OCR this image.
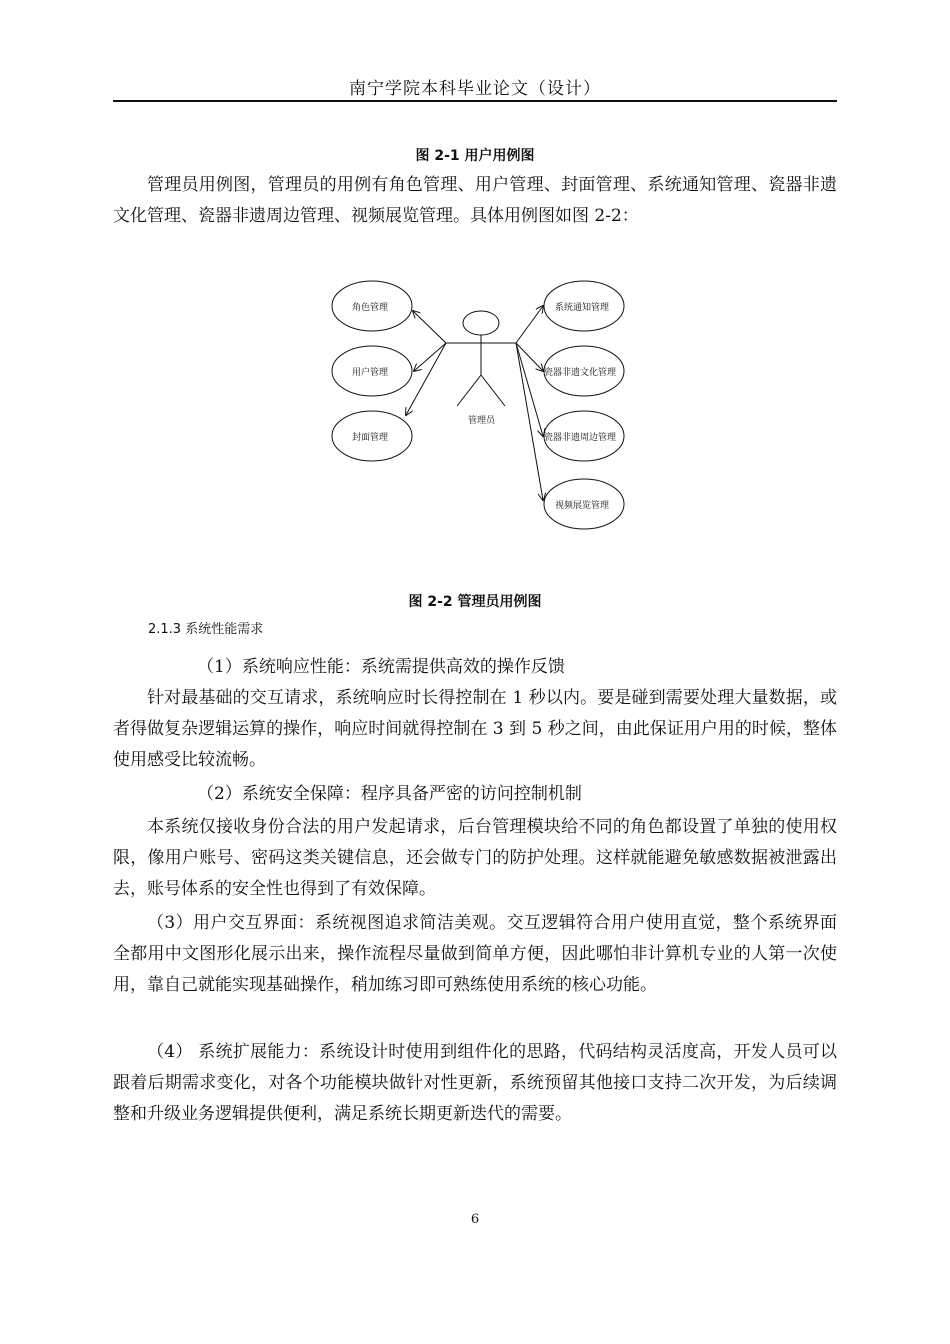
南宁学院本科毕业论文（设计）
图 2-1 用户用例图

管理员用例图，管理员的用例有角色管理、用户管理、封面管理、系统通知管理、瓷器非遗文化管理、瓷器非遗周边管理、视频展览管理。具体用例图如图 2-2：

管理员
角色管理
用户管理
封面管理
系统通知管理
瓷器非遗文化管理
瓷器非遗周边管理
视频展览管理
图 2-2 管理员用例图
2.1.3 系统性能需求
（1）系统响应性能：系统需提供高效的操作反馈

针对最基础的交互请求，系统响应时长得控制在 1 秒以内。要是碰到需要处理大量数据，或者得做复杂逻辑运算的操作，响应时间就得控制在 3 到 5 秒之间，由此保证用户用的时候，整体使用感受比较流畅。

（2）系统安全保障：程序具备严密的访问控制机制

本系统仅接收身份合法的用户发起请求，后台管理模块给不同的角色都设置了单独的使用权限，像用户账号、密码这类关键信息，还会做专门的防护处理。这样就能避免敏感数据被泄露出去，账号体系的安全性也得到了有效保障。

（3）用户交互界面：系统视图追求简洁美观。交互逻辑符合用户使用直觉，整个系统界面全都用中文图形化展示出来，操作流程尽量做到简单方便，因此哪怕非计算机专业的人第一次使用，靠自己就能实现基础操作，稍加练习即可熟练使用系统的核心功能。

（4） 系统扩展能力：系统设计时使用到组件化的思路，代码结构灵活度高，开发人员可以跟着后期需求变化，对各个功能模块做针对性更新，系统预留其他接口支持二次开发，为后续调整和升级业务逻辑提供便利，满足系统长期更新迭代的需要。

6
